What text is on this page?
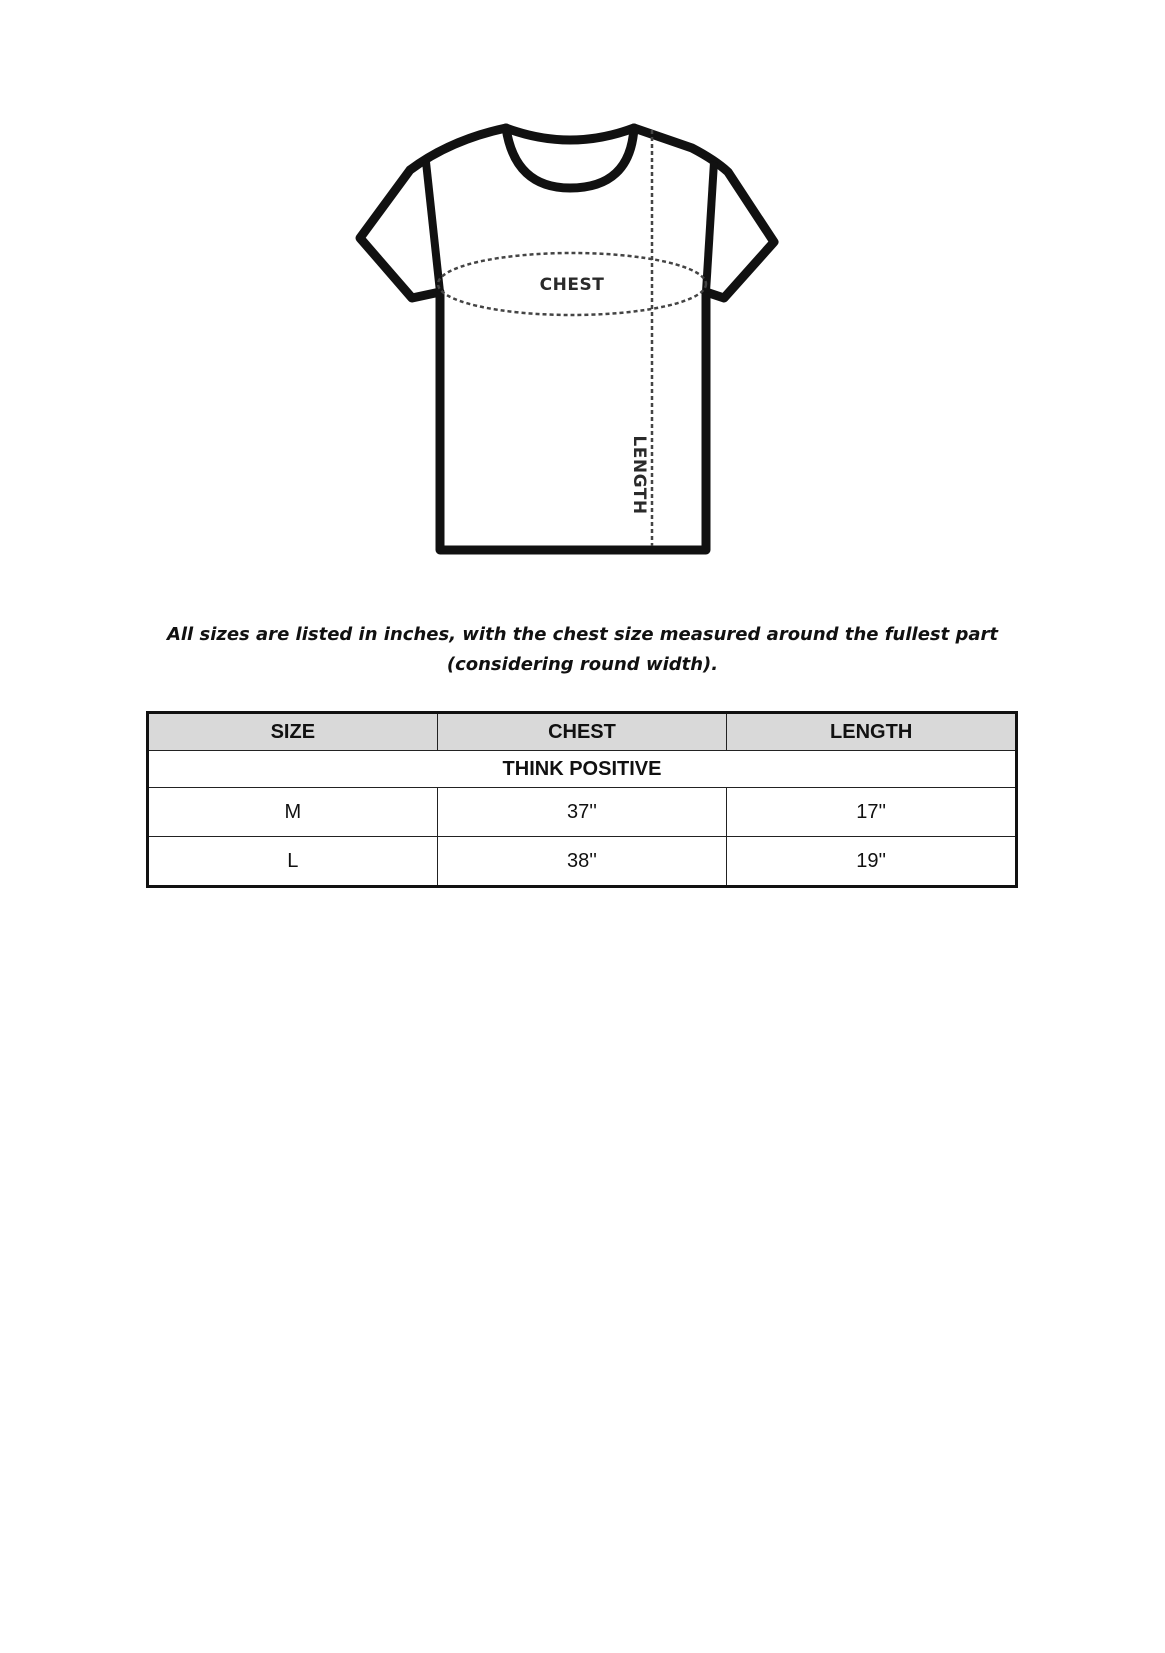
CHEST
LENGTH
All sizes are listed in inches, with the chest size measured around the fullest part
(considering round width).
SIZE	CHEST	LENGTH
THINK POSITIVE		
M	37''	17''
L	38''	19''
